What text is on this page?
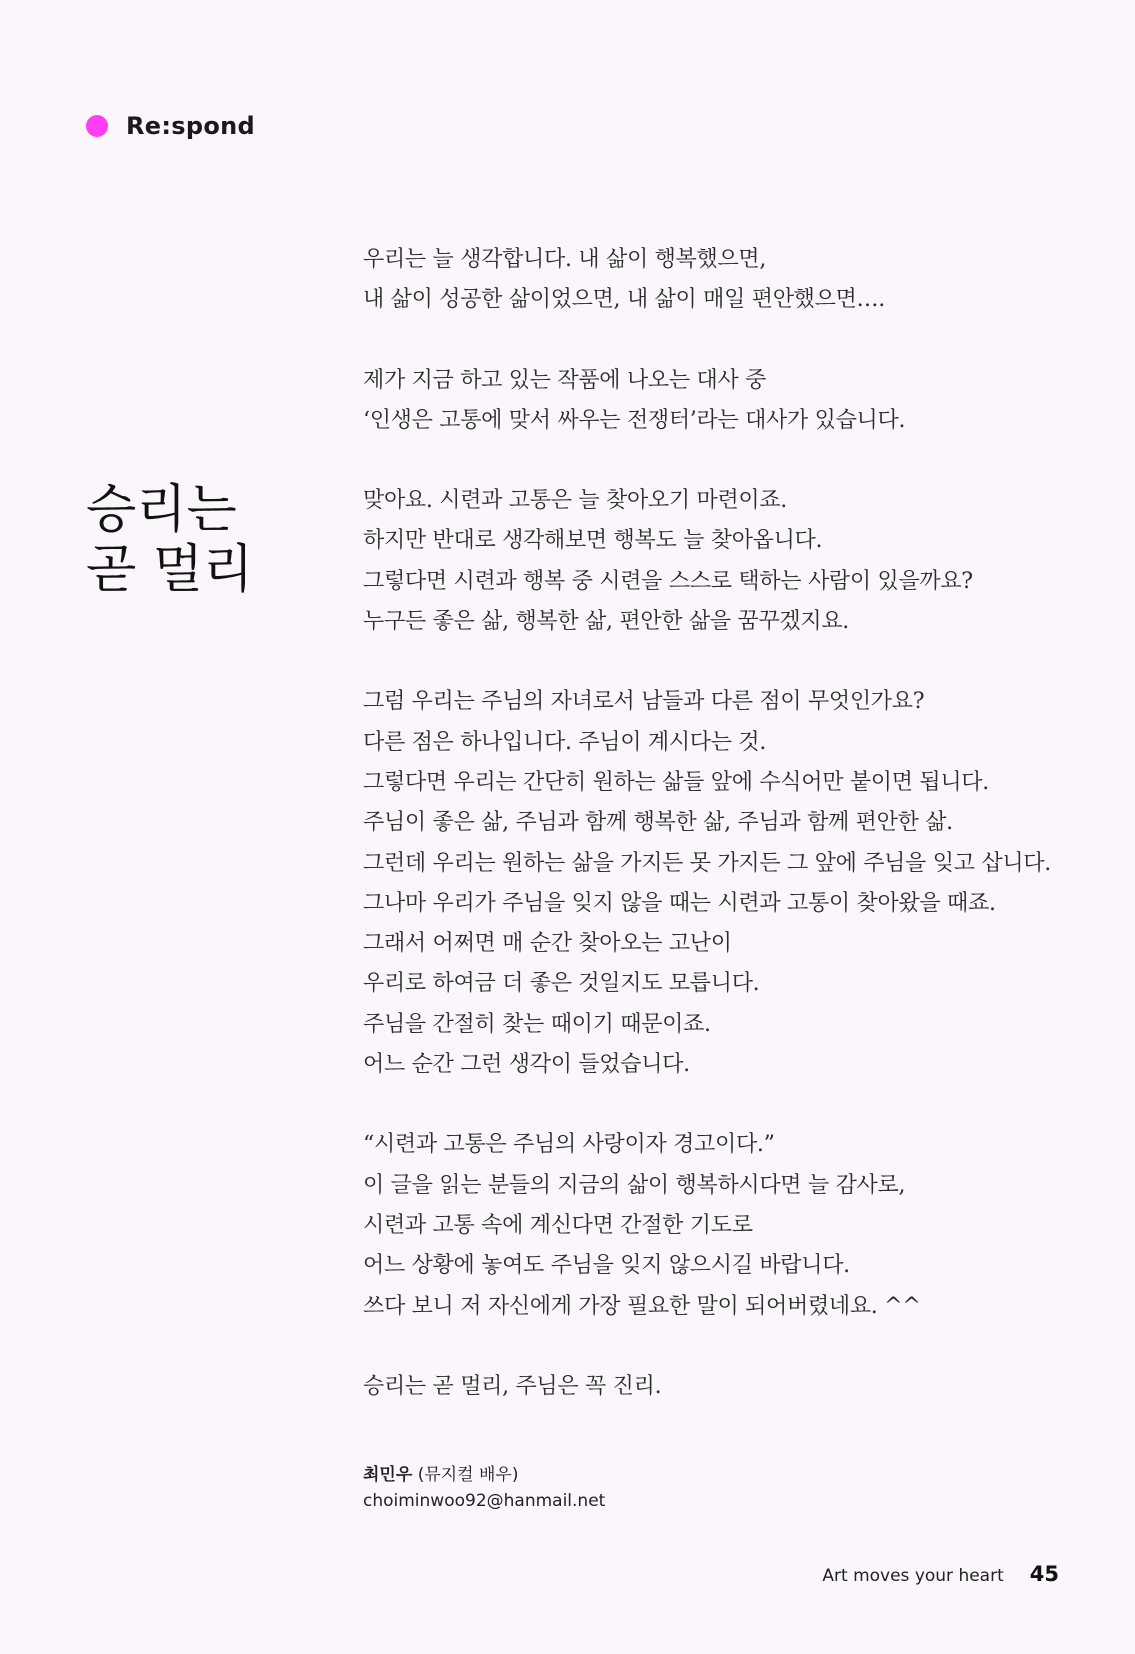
Re:spond
승리는
곧 멀리
우리는 늘 생각합니다. 내 삶이 행복했으면,
내 삶이 성공한 삶이었으면, 내 삶이 매일 편안했으면….
제가 지금 하고 있는 작품에 나오는 대사 중
‘인생은 고통에 맞서 싸우는 전쟁터’라는 대사가 있습니다.
맞아요. 시련과 고통은 늘 찾아오기 마련이죠.
하지만 반대로 생각해보면 행복도 늘 찾아옵니다.
그렇다면 시련과 행복 중 시련을 스스로 택하는 사람이 있을까요?
누구든 좋은 삶, 행복한 삶, 편안한 삶을 꿈꾸겠지요.
그럼 우리는 주님의 자녀로서 남들과 다른 점이 무엇인가요?
다른 점은 하나입니다. 주님이 계시다는 것.
그렇다면 우리는 간단히 원하는 삶들 앞에 수식어만 붙이면 됩니다.
주님이 좋은 삶, 주님과 함께 행복한 삶, 주님과 함께 편안한 삶.
그런데 우리는 원하는 삶을 가지든 못 가지든 그 앞에 주님을 잊고 삽니다.
그나마 우리가 주님을 잊지 않을 때는 시련과 고통이 찾아왔을 때죠.
그래서 어쩌면 매 순간 찾아오는 고난이
우리로 하여금 더 좋은 것일지도 모릅니다.
주님을 간절히 찾는 때이기 때문이죠.
어느 순간 그런 생각이 들었습니다.
“시련과 고통은 주님의 사랑이자 경고이다.”
이 글을 읽는 분들의 지금의 삶이 행복하시다면 늘 감사로,
시련과 고통 속에 계신다면 간절한 기도로
어느 상황에 놓여도 주님을 잊지 않으시길 바랍니다.
쓰다 보니 저 자신에게 가장 필요한 말이 되어버렸네요. ^^
승리는 곧 멀리, 주님은 꼭 진리.
최민우 (뮤지컬 배우)
choiminwoo92@hanmail.net
Art moves your heart 45
